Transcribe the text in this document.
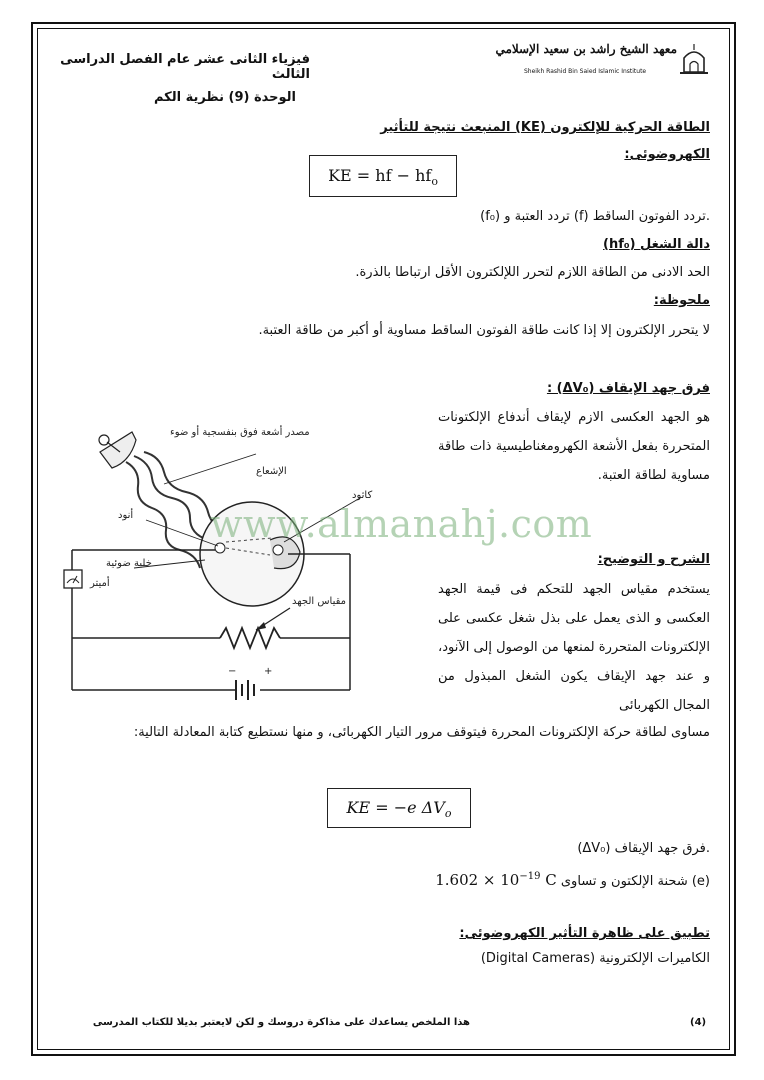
فيزياء الثانى عشر عام الفصل الدراسى الثالث
الوحدة (9) نظرية الكم
معهد الشيخ راشد بن سعيد الإسلامي
Sheikh Rashid Bin Saied Islamic Institute
الطاقة الحركية للإلكترون (KE) المنبعث نتيجة للتأثير الكهروضوئى:
KE = hf − $hf_o$
(f₀) تردد العتبة و (f) تردد الفوتون الساقط.
دالة الشغل (hf₀)
الحد الادنى من الطاقة اللازم لتحرر اللإلكترون الأقل ارتباطا بالذرة.
ملحوظة:
لا يتحرر الإلكترون إلا إذا كانت طاقة الفوتون الساقط مساوية أو أكبر من طاقة العتبة.
فرق جهد الإيقاف (ΔV₀) :
هو الجهد العكسى الازم لإيقاف أندفاع الإلكتونات المتحررة بفعل الأشعة الكهرومغناطيسية ذات طاقة مساوية لطاقة العتبة.
الشرح و التوضيح:
يستخدم مقياس الجهد للتحكم فى قيمة الجهد العكسى و الذى يعمل على بذل شغل عكسى على الإلكترونات المتحررة لمنعها من الوصول إلى الآنود، و عند جهد الإيقاف يكون الشغل المبذول من المجال الكهربائى
مساوى لطاقة حركة الإلكترونات المحررة فيتوقف مرور التيار الكهربائى، و منها نستطيع كتابة المعادلة التالية:
−	+
مصدر أشعة فوق بنفسجية أو ضوء
الإشعاع
كاثود
أنود
خلية ضوئية
أميتر
مقياس الجهد
www.almanahj.com
KE = −e $\Delta V_o$
(ΔV₀) فرق جهد الإيقاف.
(e) شحنة الإلكتون و تساوى $1.602 \times 10^{-19}$ C
تطبيق على ظاهرة التأثير الكهروضوئى:
الكاميرات الإلكترونية (Digital Cameras)
(4)
هذا الملخص يساعدك على مذاكرة دروسك و لكن لايعتبر بديلا للكتاب المدرسى
